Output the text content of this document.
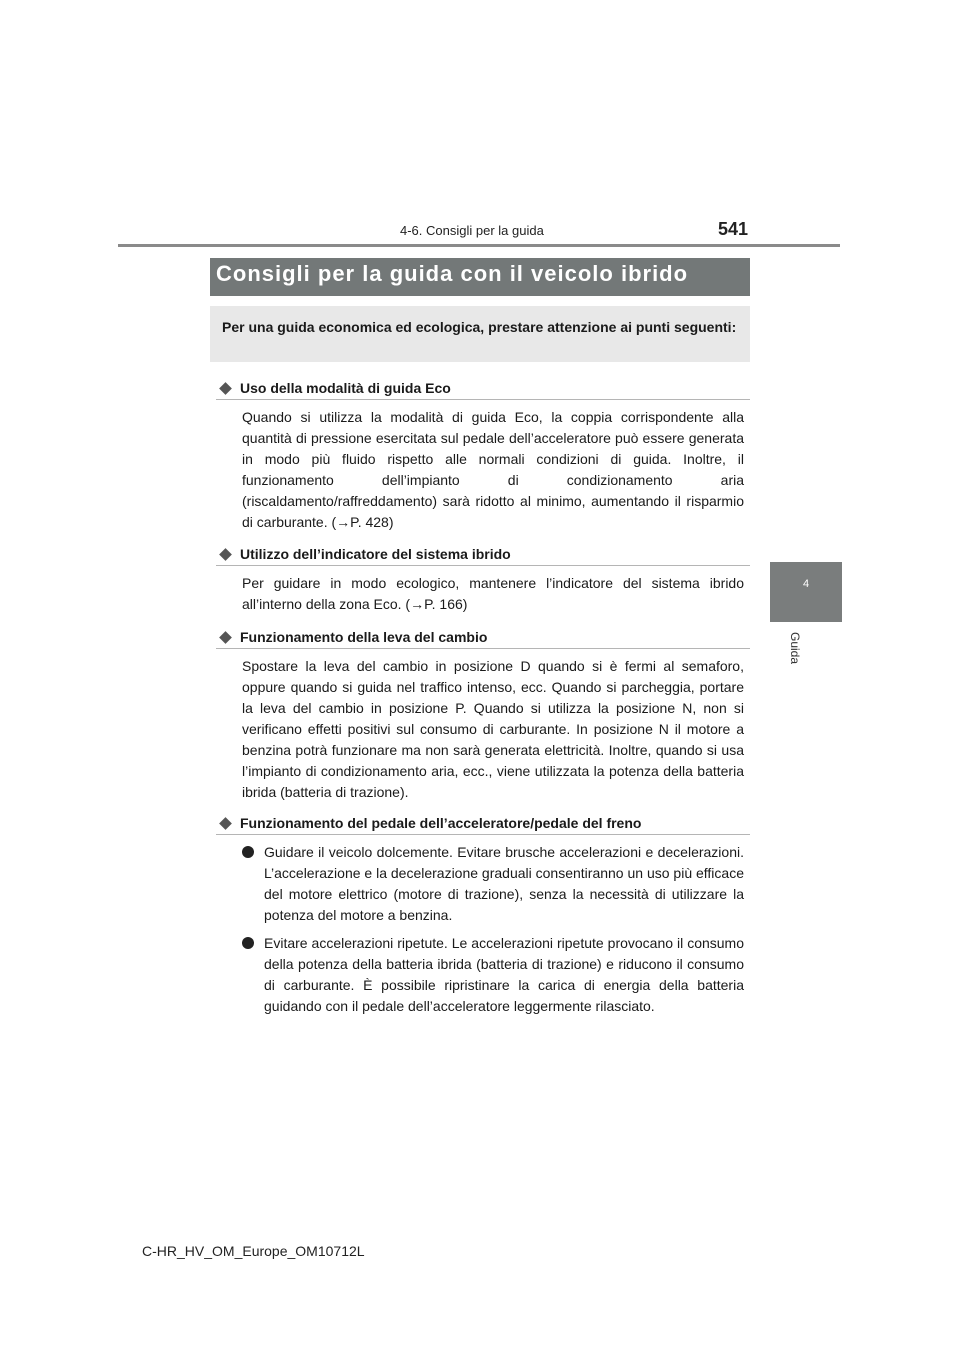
4-6. Consigli per la guida	541
4
Guida
Consigli per la guida con il veicolo ibrido
Per una guida economica ed ecologica, prestare attenzione ai punti seguenti:
Uso della modalità di guida Eco
Quando si utilizza la modalità di guida Eco, la coppia corrispondente alla quantità di pressione esercitata sul pedale dell’acceleratore può essere generata in modo più fluido rispetto alle normali condizioni di guida. Inoltre, il funzionamento dell’impianto di condizionamento aria (riscaldamento/raffreddamento) sarà ridotto al minimo, aumentando il risparmio di carburante. (→P. 428)
Utilizzo dell’indicatore del sistema ibrido
Per guidare in modo ecologico, mantenere l’indicatore del sistema ibrido all’interno della zona Eco. (→P. 166)
Funzionamento della leva del cambio
Spostare la leva del cambio in posizione D quando si è fermi al semaforo, oppure quando si guida nel traffico intenso, ecc. Quando si parcheggia, portare la leva del cambio in posizione P. Quando si utilizza la posizione N, non si verificano effetti positivi sul consumo di carburante. In posizione N il motore a benzina potrà funzionare ma non sarà generata elettricità. Inoltre, quando si usa l’impianto di condizionamento aria, ecc., viene utilizzata la potenza della batteria ibrida (batteria di trazione).
Funzionamento del pedale dell’acceleratore/pedale del freno
Guidare il veicolo dolcemente. Evitare brusche accelerazioni e decelerazioni. L’accelerazione e la decelerazione graduali consentiranno un uso più efficace del motore elettrico (motore di trazione), senza la necessità di utilizzare la potenza del motore a benzina.
Evitare accelerazioni ripetute. Le accelerazioni ripetute provocano il consumo della potenza della batteria ibrida (batteria di trazione) e riducono il consumo di carburante. È possibile ripristinare la carica di energia della batteria guidando con il pedale dell’acceleratore leggermente rilasciato.
C-HR_HV_OM_Europe_OM10712L
